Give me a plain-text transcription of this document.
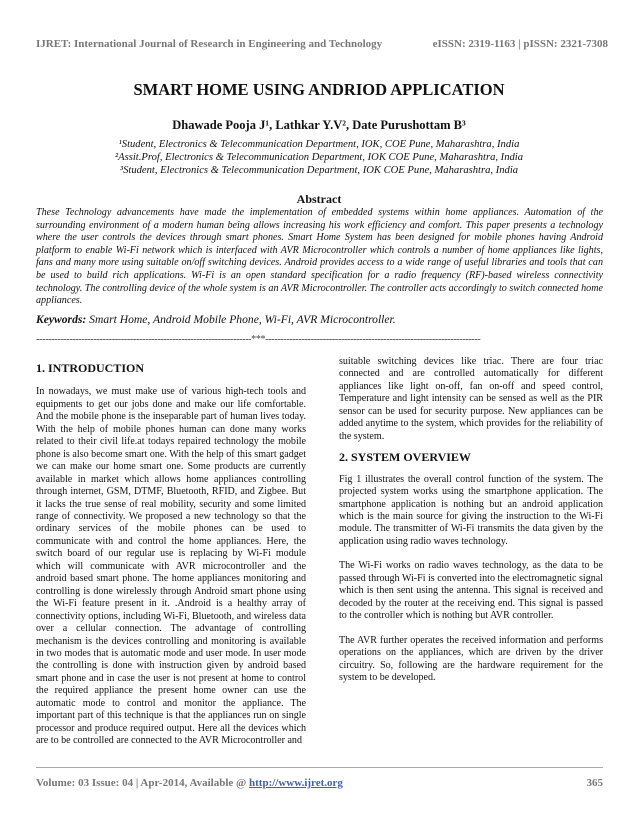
IJRET: International Journal of Research in Engineering and Technology	eISSN: 2319-1163 | pISSN: 2321-7308
SMART HOME USING ANDRIOD APPLICATION
Dhawade Pooja J¹, Lathkar Y.V², Date Purushottam B³
¹Student, Electronics & Telecommunication Department, IOK, COE Pune, Maharashtra, India
²Assit.Prof, Electronics & Telecommunication Department, IOK COE Pune, Maharashtra, India
³Student, Electronics & Telecommunication Department, IOK COE Pune, Maharashtra, India
Abstract
These Technology advancements have made the implementation of embedded systems within home appliances. Automation of the surrounding environment of a modern human being allows increasing his work efficiency and comfort. This paper presents a technology where the user controls the devices through smart phones. Smart Home System has been designed for mobile phones having Android platform to enable Wi-Fi network which is interfaced with AVR Microcontroller which controls a number of home appliances like lights, fans and many more using suitable on/off switching devices. Android provides access to a wide range of useful libraries and tools that can be used to build rich applications. Wi-Fi is an open standard specification for a radio frequency (RF)-based wireless connectivity technology. The controlling device of the whole system is an AVR Microcontroller. The controller acts accordingly to switch connected home appliances.
Keywords: Smart Home, Android Mobile Phone, Wi-Fi, AVR Microcontroller.
-----------------------------------------------------------------------***-----------------------------------------------------------------------
1. INTRODUCTION

In nowadays, we must make use of various high-tech tools and equipments to get our jobs done and make our life comfortable. And the mobile phone is the inseparable part of human lives today. With the help of mobile phones human can done many works related to their civil life.at todays repaired technology the mobile phone is also become smart one. With the help of this smart gadget we can make our home smart one. Some products are currently available in market which allows home appliances controlling through internet, GSM, DTMF, Bluetooth, RFID, and Zigbee. But it lacks the true sense of real mobility, security and some limited range of connectivity. We proposed a new technology so that the ordinary services of the mobile phones can be used to communicate with and control the home appliances. Here, the switch board of our regular use is replacing by Wi-Fi module which will communicate with AVR microcontroller and the android based smart phone. The home appliances monitoring and controlling is done wirelessly through Android smart phone using the Wi-Fi feature present in it. .Android is a healthy array of connectivity options, including Wi-Fi, Bluetooth, and wireless data over a cellular connection. The advantage of controlling mechanism is the devices controlling and monitoring is available in two modes that is automatic mode and user mode. In user mode the controlling is done with instruction given by android based smart phone and in case the user is not present at home to control the required appliance the present home owner can use the automatic mode to control and monitor the appliance. The important part of this technique is that the appliances run on single processor and produce required output. Here all the devices which are to be controlled are connected to the AVR Microcontroller and

suitable switching devices like triac. There are four triac connected and are controlled automatically for different appliances like light on-off, fan on-off and speed control, Temperature and light intensity can be sensed as well as the PIR sensor can be used for security purpose. New appliances can be added anytime to the system, which provides for the reliability of the system.

2. SYSTEM OVERVIEW

Fig 1 illustrates the overall control function of the system. The projected system works using the smartphone application. The smartphone application is nothing but an android application which is the main source for giving the instruction to the Wi-Fi module. The transmitter of Wi-Fi transmits the data given by the application using radio waves technology.

The Wi-Fi works on radio waves technology, as the data to be passed through Wi-Fi is converted into the electromagnetic signal which is then sent using the antenna. This signal is received and decoded by the router at the receiving end. This signal is passed to the controller which is nothing but AVR controller.

The AVR further operates the received information and performs operations on the appliances, which are driven by the driver circuitry. So, following are the hardware requirement for the system to be developed.

Volume: 03 Issue: 04 | Apr-2014, Available @ http://www.ijret.org	365
